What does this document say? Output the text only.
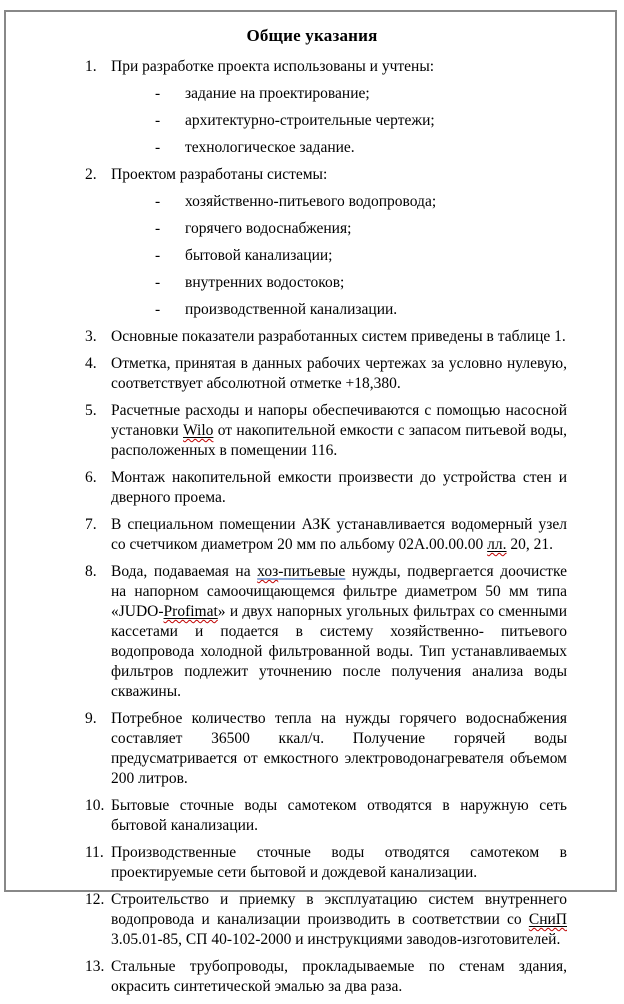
Общие указания
1. При разработке проекта использованы и учтены:
-	задание на проектирование;
-	архитектурно-строительные чертежи;
-	технологическое задание.
2. Проектом разработаны системы:
-	хозяйственно-питьевого водопровода;
-	горячего водоснабжения;
-	бытовой канализации;
-	внутренних водостоков;
-	производственной канализации.
3. Основные показатели разработанных систем приведены в таблице 1.
4. Отметка, принятая в данных рабочих чертежах за условно нулевую, соответствует абсолютной отметке +18,380.
5. Расчетные расходы и напоры обеспечиваются с помощью насосной установки Wilo от накопительной емкости с запасом питьевой воды, расположенных в помещении 116.
6. Монтаж накопительной емкости произвести до устройства стен и дверного проема.
7. В специальном помещении АЗК устанавливается водомерный узел со счетчиком диаметром 20 мм по альбому 02А.00.00.00 лл. 20, 21.
8. Вода, подаваемая на хоз-питьевые нужды, подвергается доочистке на напорном самоочищающемся фильтре диаметром 50 мм типа «JUDO-Profimat» и двух напорных угольных фильтрах со сменными кассетами и подается в систему хозяйственно- питьевого водопровода холодной фильтрованной воды. Тип устанавливаемых фильтров подлежит уточнению после получения анализа воды скважины.
9. Потребное количество тепла на нужды горячего водоснабжения составляет 36500 ккал/ч. Получение горячей воды предусматривается от емкостного электроводонагревателя объемом 200 литров.
10. Бытовые сточные воды самотеком отводятся в наружную сеть бытовой канализации.
11. Производственные сточные воды отводятся самотеком в проектируемые сети бытовой и дождевой канализации.
12. Строительство и приемку в эксплуатацию систем внутреннего водопровода и канализации производить в соответствии со СниП 3.05.01-85, СП 40-102-2000 и инструкциями заводов-изготовителей.
13. Стальные трубопроводы, прокладываемые по стенам здания, окрасить синтетической эмалью за два раза.
